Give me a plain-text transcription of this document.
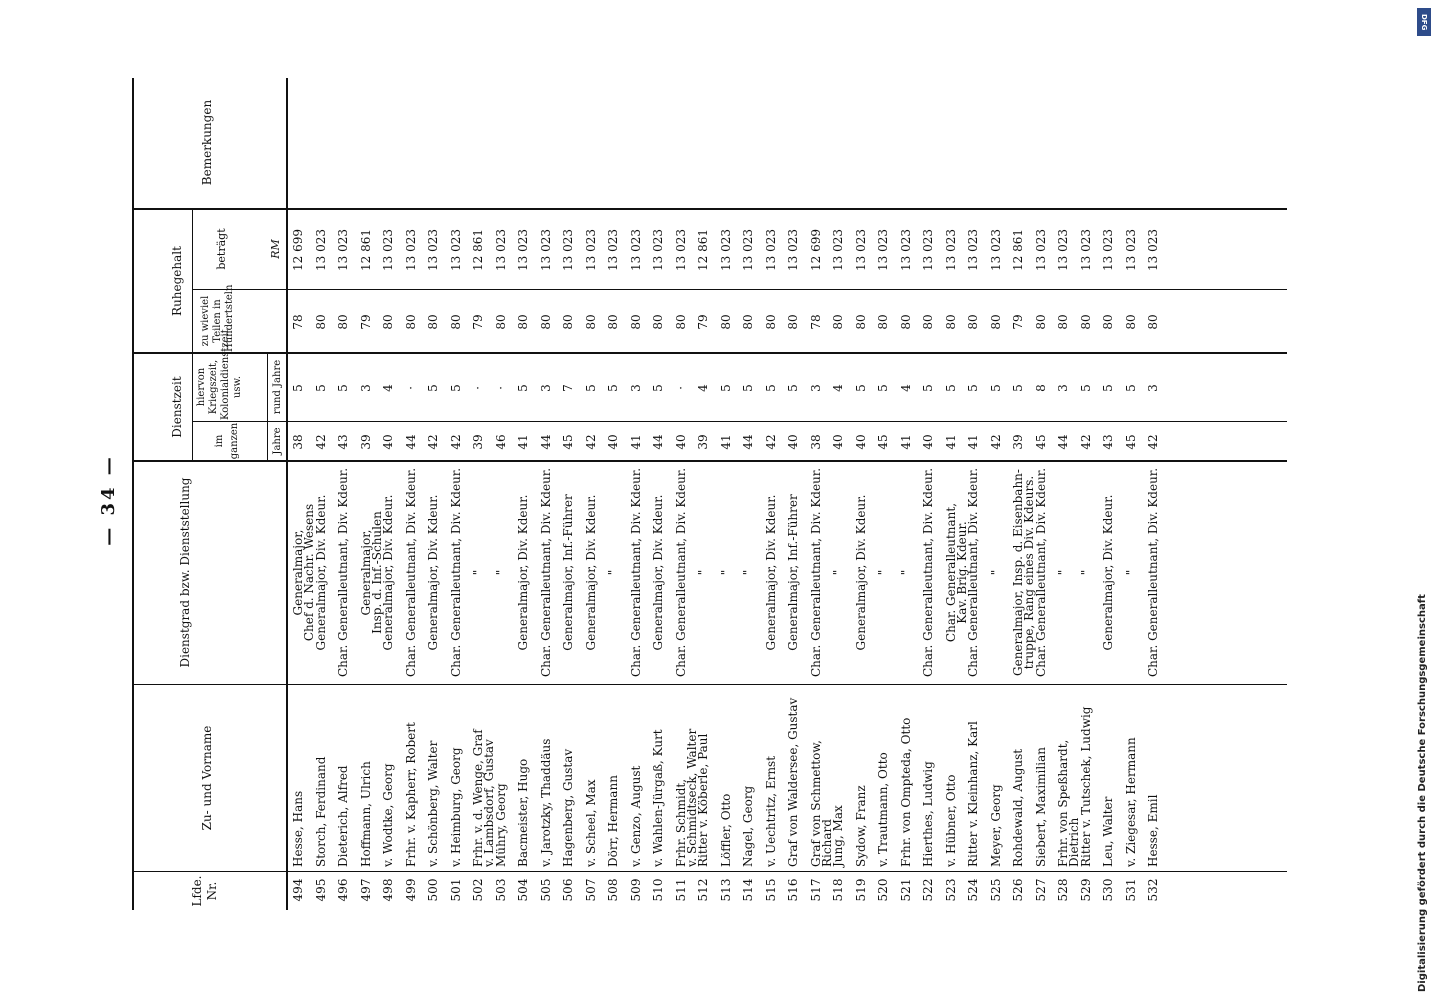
— 34 —
Lfde. Nr.
Zu- und Vorname
Dienstgrad bzw. Dienststellung
Dienstzeit
im ganzen
hiervon Kriegszeit, Kolonialdienstzeit usw.
Jahre
rund Jahre
Ruhegehalt
zu wieviel Teilen in Hundertsteln
beträgt	RM
Bemerkungen
494
Hesse, Hans
Generalmajor,
38
5
78
12 699
Chef d. Nachr. Wesens
495
Storch, Ferdinand
Generalmajor, Div. Kdeur.
42
5
80
13 023
496
Dieterich, Alfred
Char. Generalleutnant, Div. Kdeur.
43
5
80
13 023
497
Hoffmann, Ulrich
Generalmajor,
39
3
79
12 861
Insp. d. Inf.-Schulen
498
v. Wodtke, Georg
Generalmajor, Div. Kdeur.
40
4
80
13 023
499
Frhr. v. Kapherr, Robert
Char. Generalleutnant, Div. Kdeur.
44
·
80
13 023
500
v. Schönberg, Walter
Generalmajor, Div. Kdeur.
42
5
80
13 023
501
v. Heimburg, Georg
Char. Generalleutnant, Div. Kdeur.
42
5
80
13 023
502
Frhr. v. d. Wenge, Graf
"
39
·
79
12 861
v. Lambsdorf, Gustav
503
Mühry, Georg
"
46
·
80
13 023
504
Bacmeister, Hugo
Generalmajor, Div. Kdeur.
41
5
80
13 023
505
v. Jarotzky, Thaddäus
Char. Generalleutnant, Div. Kdeur.
44
3
80
13 023
506
Hagenberg, Gustav
Generalmajor, Inf.-Führer
45
7
80
13 023
507
v. Scheel, Max
Generalmajor, Div. Kdeur.
42
5
80
13 023
508
Dörr, Hermann
"
40
5
80
13 023
509
v. Genzo, August
Char. Generalleutnant, Div. Kdeur.
41
3
80
13 023
510
v. Wahlen-Jürgaß, Kurt
Generalmajor, Div. Kdeur.
44
5
80
13 023
511
Frhr. Schmidt,
Char. Generalleutnant, Div. Kdeur.
40
·
80
13 023
v. Schmidtseck, Walter
512
Ritter v. Köberle, Paul
"
39
4
79
12 861
513
Löffler, Otto
"
41
5
80
13 023
514
Nagel, Georg
"
44
5
80
13 023
515
v. Uechtritz, Ernst
Generalmajor, Div. Kdeur.
42
5
80
13 023
516
Graf von Waldersee, Gustav
Generalmajor, Inf.-Führer
40
5
80
13 023
517
Graf von Schmettow,
Char. Generalleutnant, Div. Kdeur.
38
3
78
12 699
Richard
518
Jung, Max
"
40
4
80
13 023
519
Sydow, Franz
Generalmajor, Div. Kdeur.
40
5
80
13 023
520
v. Trautmann, Otto
"
45
5
80
13 023
521
Frhr. von Ompteda, Otto
"
41
4
80
13 023
522
Hierthes, Ludwig
Char. Generalleutnant, Div. Kdeur.
40
5
80
13 023
523
v. Hübner, Otto
Char. Generalleutnant,
41
5
80
13 023
Kav. Brig. Kdeur.
524
Ritter v. Kleinhanz, Karl
Char. Generalleutnant, Div. Kdeur.
41
5
80
13 023
525
Meyer, Georg
"
42
5
80
13 023
526
Rohdewald, August
Generalmajor, Insp. d. Eisenbahn-
39
5
79
12 861
truppe, Rang eines Div. Kdeurs.
527
Siebert, Maximilian
Char. Generalleutnant, Div. Kdeur.
45
8
80
13 023
528
Frhr. von Speßhardt,
"
44
3
80
13 023
Dietrich
529
Ritter v. Tutschek, Ludwig
"
42
5
80
13 023
530
Leu, Walter
Generalmajor, Div. Kdeur.
43
5
80
13 023
531
v. Ziegesar, Hermann
"
45
5
80
13 023
532
Hesse, Emil
Char. Generalleutnant, Div. Kdeur.
42
3
80
13 023
Digitalisierung gefördert durch die Deutsche Forschungsgemeinschaft
DFG
